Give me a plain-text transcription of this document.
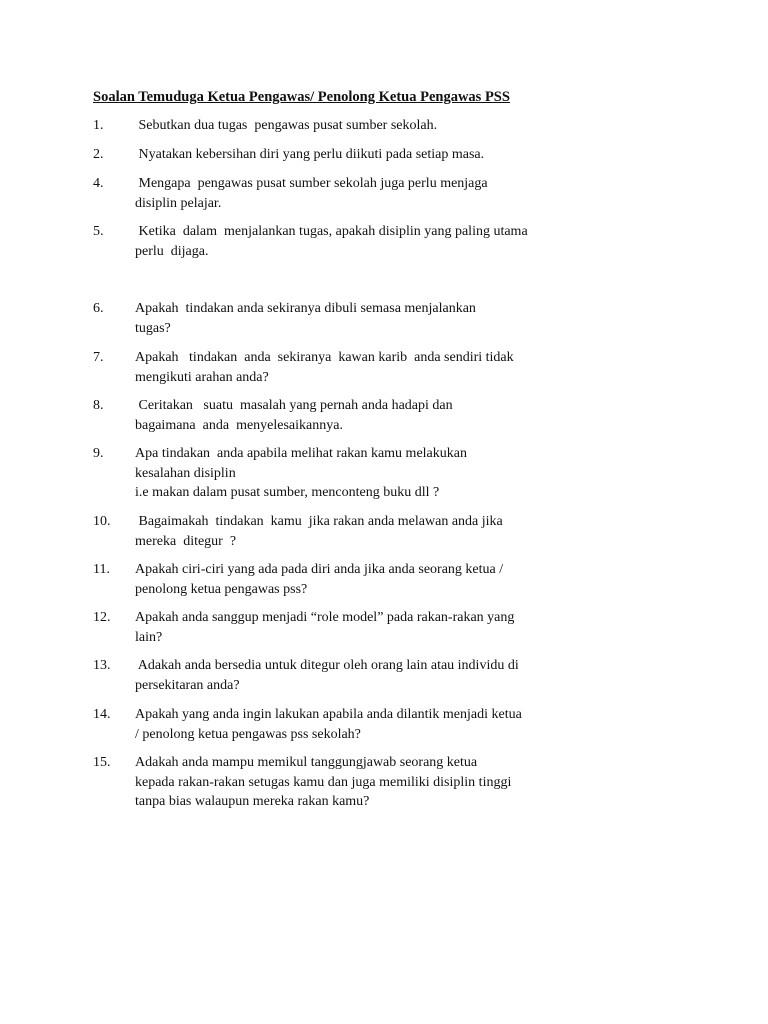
Soalan Temuduga Ketua Pengawas/ Penolong Ketua Pengawas PSS
1. Sebutkan dua tugas  pengawas pusat sumber sekolah.
2. Nyatakan kebersihan diri yang perlu diikuti pada setiap masa.
4. Mengapa  pengawas pusat sumber sekolah juga perlu menjaga
disiplin pelajar.
5. Ketika  dalam  menjalankan tugas, apakah disiplin yang paling utama
perlu  dijaga.
6. Apakah  tindakan anda sekiranya dibuli semasa menjalankan
tugas?
7. Apakah   tindakan  anda  sekiranya  kawan karib  anda sendiri tidak
mengikuti arahan anda?
8. Ceritakan   suatu  masalah yang pernah anda hadapi dan
bagaimana  anda  menyelesaikannya.
9. Apa tindakan  anda apabila melihat rakan kamu melakukan
kesalahan disiplin
i.e makan dalam pusat sumber, menconteng buku dll ?
10. Bagaimakah  tindakan  kamu  jika rakan anda melawan anda jika
mereka  ditegur  ?
11. Apakah ciri-ciri yang ada pada diri anda jika anda seorang ketua /
penolong ketua pengawas pss?
12. Apakah anda sanggup menjadi “role model” pada rakan-rakan yang
lain?
13. Adakah anda bersedia untuk ditegur oleh orang lain atau individu di
persekitaran anda?
14. Apakah yang anda ingin lakukan apabila anda dilantik menjadi ketua
/ penolong ketua pengawas pss sekolah?
15. Adakah anda mampu memikul tanggungjawab seorang ketua
kepada rakan-rakan setugas kamu dan juga memiliki disiplin tinggi
tanpa bias walaupun mereka rakan kamu?
